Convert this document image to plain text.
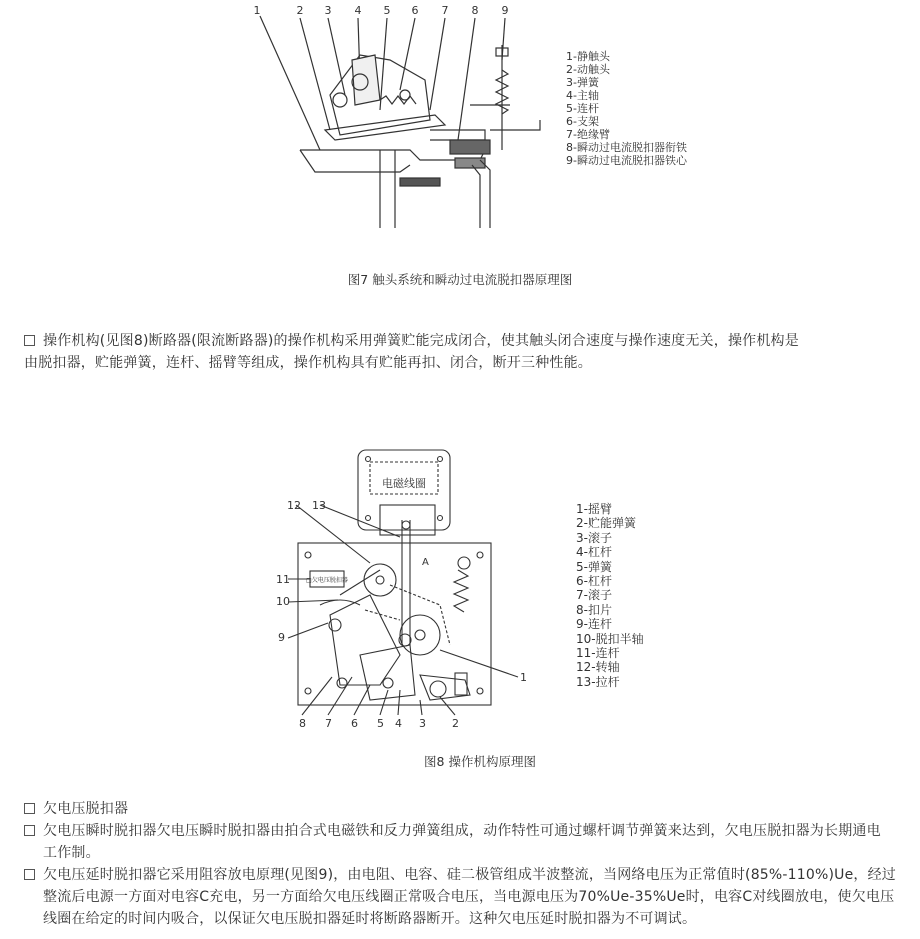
1	2 3 4 5 6 7 8 9
1-静触头
2-动触头
3-弹簧
4-主轴
5-连杆
6-支架
7-绝缘臂
8-瞬动过电流脱扣器衔铁
9-瞬动过电流脱扣器铁心
图7 触头系统和瞬动过电流脱扣器原理图
操作机构(见图8)断路器(限流断路器)的操作机构采用弹簧贮能完成闭合，使其触头闭合速度与操作速度无关，操作机构是
由脱扣器，贮能弹簧，连杆、摇臂等组成，操作机构具有贮能再扣、闭合，断开三种性能。
电磁线圈
□欠电压脱扣器
A
12 13
11
10
9
8 7 6 5 4 3 2
1
1-摇臂
2-贮能弹簧
3-滚子
4-杠杆
5-弹簧
6-杠杆
7-滚子
8-扣片
9-连杆
10-脱扣半轴
11-连杆
12-转轴
13-拉杆
图8 操作机构原理图
欠电压脱扣器
欠电压瞬时脱扣器欠电压瞬时脱扣器由拍合式电磁铁和反力弹簧组成，动作特性可通过螺杆调节弹簧来达到，欠电压脱扣器为长期通电
工作制。
欠电压延时脱扣器它采用阻容放电原理(见图9)，由电阻、电容、硅二极管组成半波整流，当网络电压为正常值时(85%-110%)Ue，经过
整流后电源一方面对电容C充电，另一方面给欠电压线圈正常吸合电压，当电源电压为70%Ue-35%Ue时，电容C对线圈放电，使欠电压
线圈在给定的时间内吸合，以保证欠电压脱扣器延时将断路器断开。这种欠电压延时脱扣器为不可调试。
